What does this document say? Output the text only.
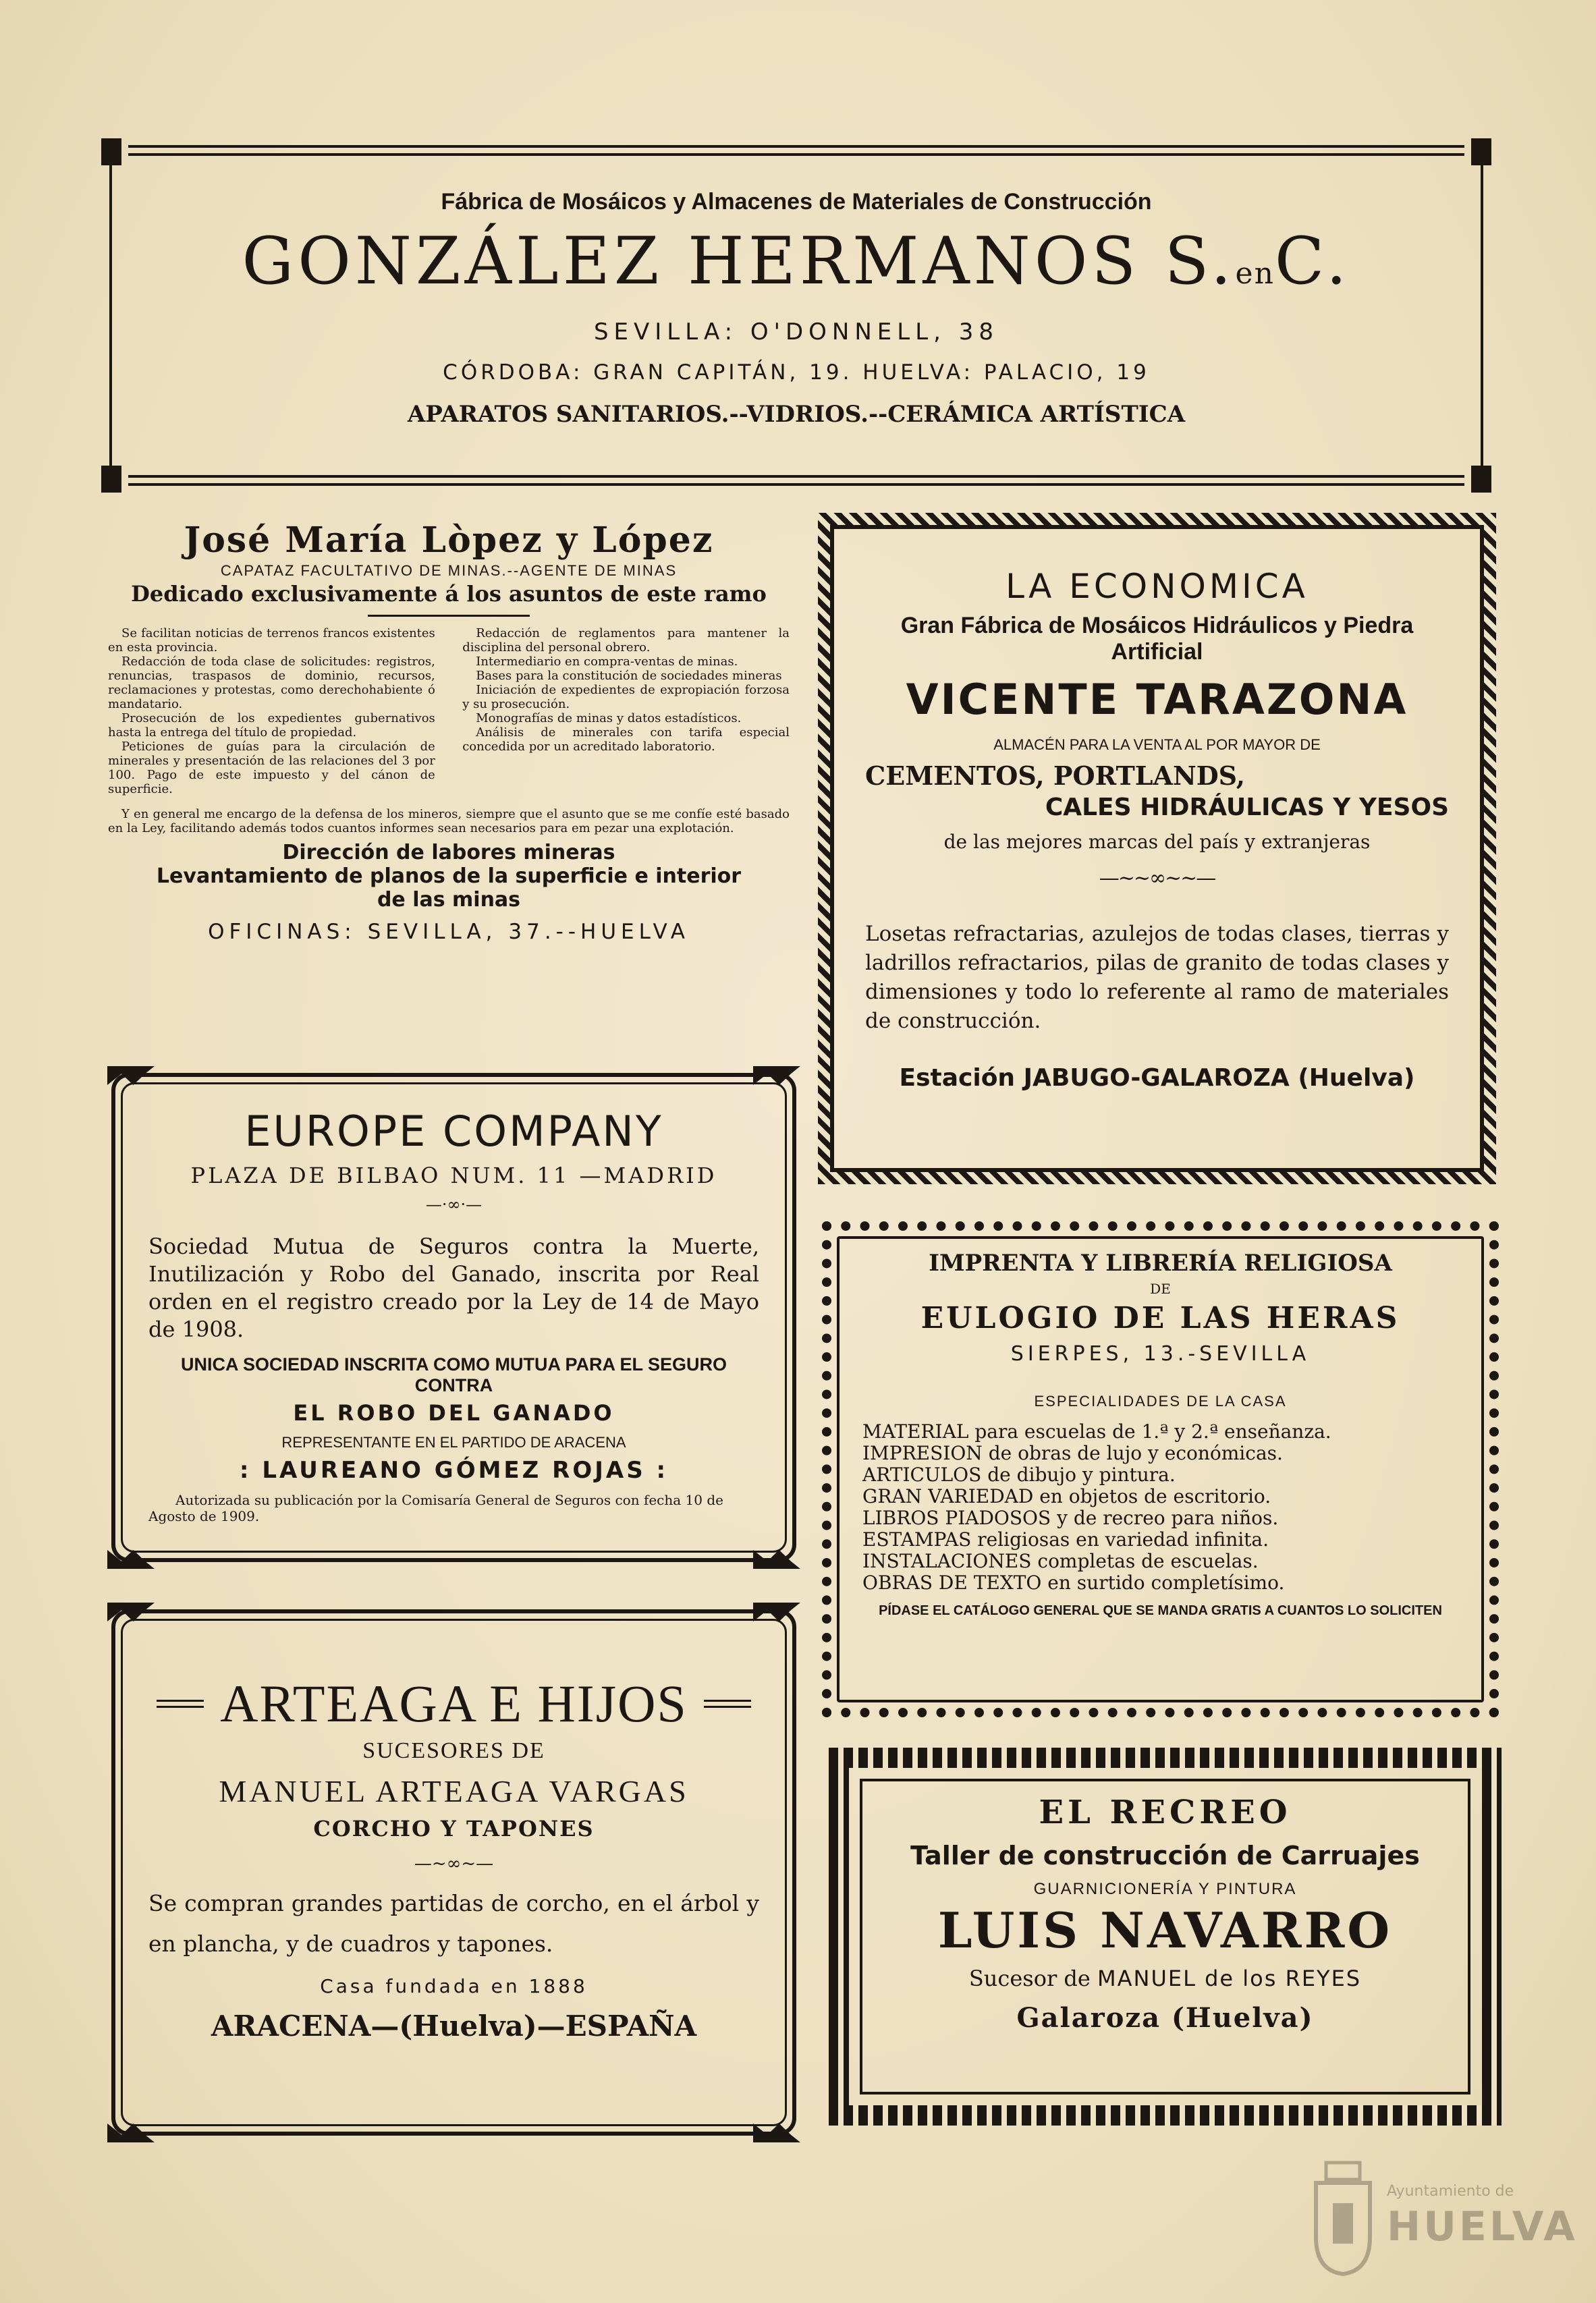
Fábrica de Mosáicos y Almacenes de Materiales de Construcción
GONZÁLEZ HERMANOS S.enC.
SEVILLA: O'DONNELL, 38
CÓRDOBA: GRAN CAPITÁN, 19. HUELVA: PALACIO, 19
APARATOS SANITARIOS.--VIDRIOS.--CERÁMICA ARTÍSTICA
José María Lòpez y López
CAPATAZ FACULTATIVO DE MINAS.--AGENTE DE MINAS
Dedicado exclusivamente á los asuntos de este ramo

Se facilitan noticias de terrenos francos existentes en esta provincia.

Redacción de toda clase de solicitudes: registros, renuncias, traspasos de dominio, recursos, reclamaciones y protestas, como derechohabiente ó mandatario.

Prosecución de los expedientes gubernativos hasta la entrega del título de propiedad.

Peticiones de guías para la circulación de minerales y presentación de las relaciones del 3 por 100. Pago de este impuesto y del cánon de superficie.

Redacción de reglamentos para mantener la disciplina del personal obrero.

Intermediario en compra-ventas de minas.

Bases para la constitución de sociedades mineras

Iniciación de expedientes de expropiación forzosa y su prosecución.

Monografías de minas y datos estadísticos.

Análisis de minerales con tarifa especial concedida por un acreditado laboratorio.

Y en general me encargo de la defensa de los mineros, siempre que el asunto que se me confíe esté basado en la Ley, facilitando además todos cuantos informes sean necesarios para em pezar una explotación.

Dirección de labores mineras
Levantamiento de planos de la superficie e interior
de las minas
OFICINAS: SEVILLA, 37.--HUELVA
LA ECONOMICA
Gran Fábrica de Mosáicos Hidráulicos y Piedra Artificial
VICENTE TARAZONA
ALMACÉN PARA LA VENTA AL POR MAYOR DE
CEMENTOS, PORTLANDS,
CALES HIDRÁULICAS Y YESOS
de las mejores marcas del país y extranjeras
—~~∞~~—
Losetas refractarias, azulejos de todas clases, tierras y ladrillos refractarios, pilas de granito de todas clases y dimensiones y todo lo referente al ramo de materiales de construcción.
Estación JABUGO-GALAROZA (Huelva)
EUROPE COMPANY
PLAZA DE BILBAO NUM. 11 —MADRID
—·∞·—
Sociedad Mutua de Seguros contra la Muerte, Inutilización y Robo del Ganado, inscrita por Real orden en el registro creado por la Ley de 14 de Mayo de 1908.
UNICA SOCIEDAD INSCRITA COMO MUTUA PARA EL SEGURO CONTRA
EL ROBO DEL GANADO
REPRESENTANTE EN EL PARTIDO DE ARACENA
: LAUREANO GÓMEZ ROJAS :
Autorizada su publicación por la Comisaría General de Seguros con fecha 10 de Agosto de 1909.
IMPRENTA Y LIBRERÍA RELIGIOSA
DE
EULOGIO DE LAS HERAS
SIERPES, 13.-SEVILLA
ESPECIALIDADES DE LA CASA
MATERIAL para escuelas de 1.ª y 2.ª enseñanza.
IMPRESION de obras de lujo y económicas.
ARTICULOS de dibujo y pintura.
GRAN VARIEDAD en objetos de escritorio.
LIBROS PIADOSOS y de recreo para niños.
ESTAMPAS religiosas en variedad infinita.
INSTALACIONES completas de escuelas.
OBRAS DE TEXTO en surtido completísimo.
PÍDASE EL CATÁLOGO GENERAL QUE SE MANDA GRATIS A CUANTOS LO SOLICITEN
ARTEAGA E HIJOS
SUCESORES DE
MANUEL ARTEAGA VARGAS
CORCHO Y TAPONES
—~∞~—
Se compran grandes partidas de corcho, en el árbol y en plancha, y de cuadros y tapones.
Casa fundada en 1888
ARACENA—(Huelva)—ESPAÑA
EL RECREO
Taller de construcción de Carruajes
GUARNICIONERÍA Y PINTURA
LUIS NAVARRO
Sucesor de MANUEL de los REYES
Galaroza (Huelva)
Ayuntamiento de
HUELVA
